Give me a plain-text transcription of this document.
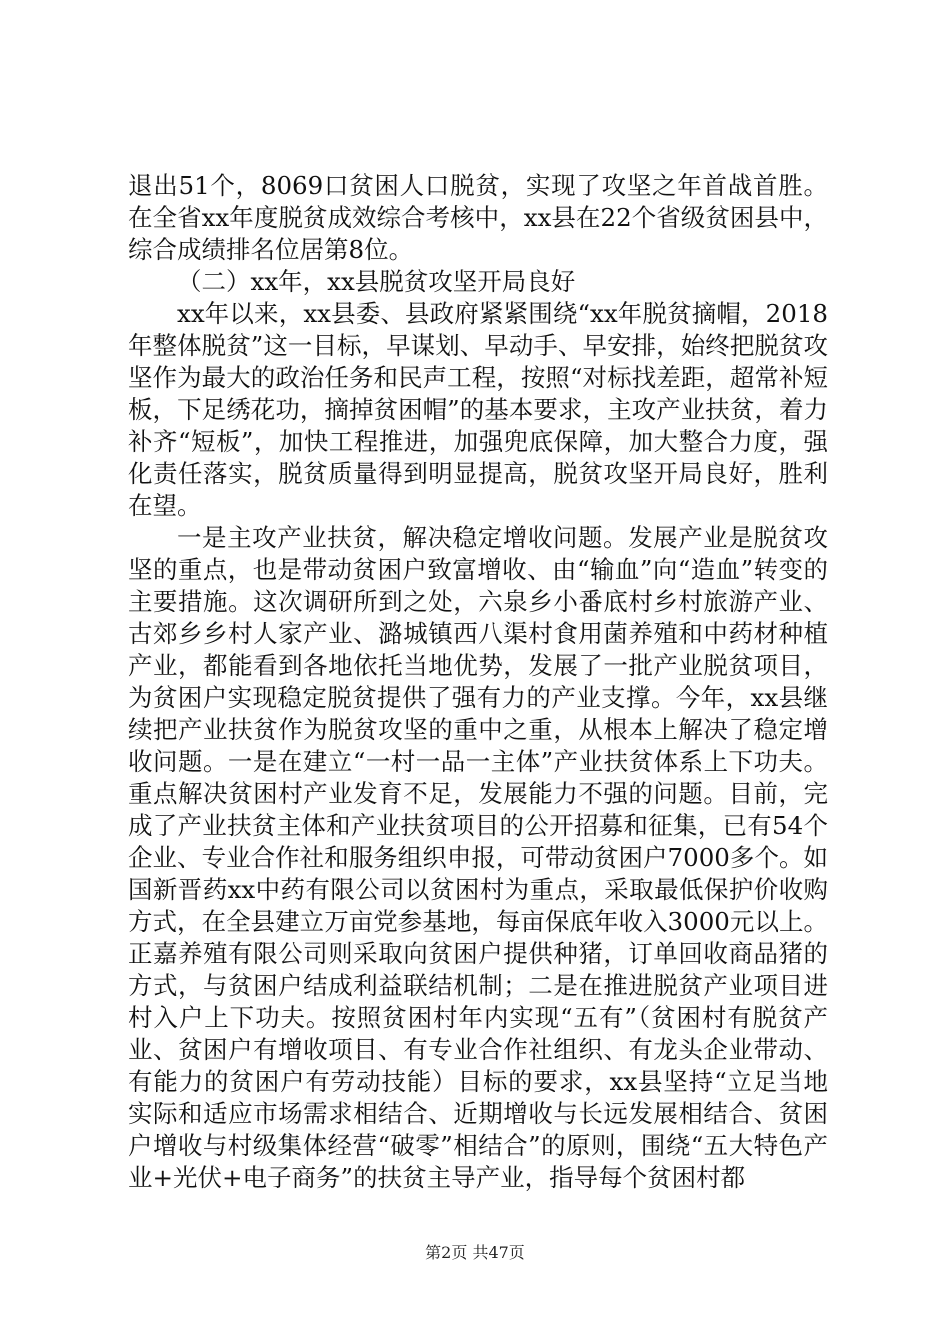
退出51个，8069口贫困人口脱贫，实现了攻坚之年首战首胜。在全省xx年度脱贫成效综合考核中，xx县在22个省级贫困县中，综合成绩排名位居第8位。

（二）xx年，xx县脱贫攻坚开局良好

xx年以来，xx县委、县政府紧紧围绕“xx年脱贫摘帽，2018年整体脱贫”这一目标，早谋划、早动手、早安排，始终把脱贫攻坚作为最大的政治任务和民声工程，按照“对标找差距，超常补短板，下足绣花功，摘掉贫困帽”的基本要求，主攻产业扶贫，着力补齐“短板”，加快工程推进，加强兜底保障，加大整合力度，强化责任落实，脱贫质量得到明显提高，脱贫攻坚开局良好，胜利在望。

一是主攻产业扶贫，解决稳定增收问题。发展产业是脱贫攻坚的重点，也是带动贫困户致富增收、由“输血”向“造血”转变的主要措施。这次调研所到之处，六泉乡小番底村乡村旅游产业、古郊乡乡村人家产业、潞城镇西八渠村食用菌养殖和中药材种植产业，都能看到各地依托当地优势，发展了一批产业脱贫项目，为贫困户实现稳定脱贫提供了强有力的产业支撑。今年，xx县继续把产业扶贫作为脱贫攻坚的重中之重，从根本上解决了稳定增收问题。一是在建立“一村一品一主体”产业扶贫体系上下功夫。重点解决贫困村产业发育不足，发展能力不强的问题。目前，完成了产业扶贫主体和产业扶贫项目的公开招募和征集，已有54个企业、专业合作社和服务组织申报，可带动贫困户7000多个。如国新晋药xx中药有限公司以贫困村为重点，采取最低保护价收购方式，在全县建立万亩党参基地，每亩保底年收入3000元以上。正嘉养殖有限公司则采取向贫困户提供种猪，订单回收商品猪的方式，与贫困户结成利益联结机制；二是在推进脱贫产业项目进村入户上下功夫。按照贫困村年内实现“五有”（贫困村有脱贫产业、贫困户有增收项目、有专业合作社组织、有龙头企业带动、有能力的贫困户有劳动技能）目标的要求，xx县坚持“立足当地实际和适应市场需求相结合、近期增收与长远发展相结合、贫困户增收与村级集体经营“破零”相结合”的原则，围绕“五大特色产业+光伏+电子商务”的扶贫主导产业，指导每个贫困村都

第2页 共47页
